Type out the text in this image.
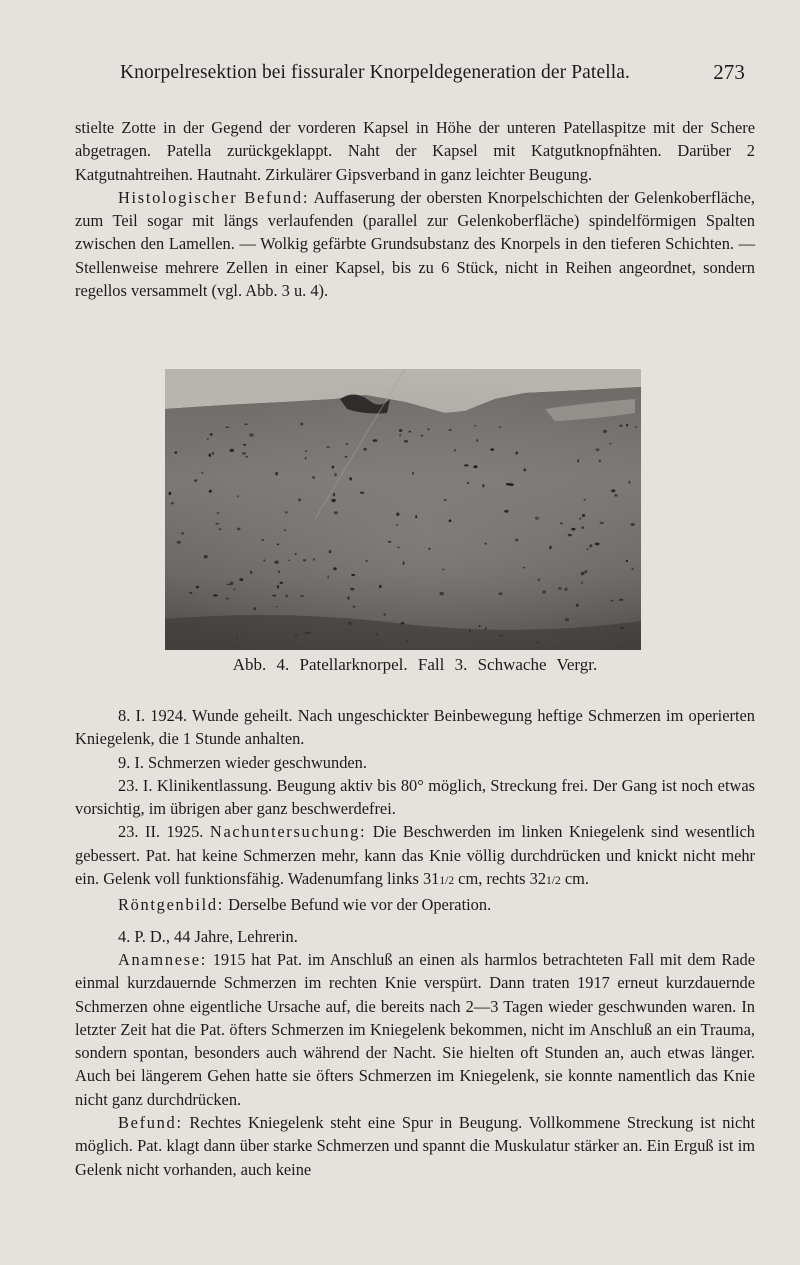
Knorpelresektion bei fissuraler Knorpeldegeneration der Patella.	273

stielte Zotte in der Gegend der vorderen Kapsel in Höhe der unteren Patellaspitze mit der Schere abgetragen. Patella zurückgeklappt. Naht der Kapsel mit Katgutknopfnähten. Darüber 2 Katgutnahtreihen. Hautnaht. Zirkulärer Gipsverband in ganz leichter Beugung.

Histologischer Befund: Auffaserung der obersten Knorpelschichten der Gelenkoberfläche, zum Teil sogar mit längs verlaufenden (parallel zur Gelenkoberfläche) spindelförmigen Spalten zwischen den Lamellen. — Wolkig gefärbte Grundsubstanz des Knorpels in den tieferen Schichten. — Stellenweise mehrere Zellen in einer Kapsel, bis zu 6 Stück, nicht in Reihen angeordnet, sondern regellos versammelt (vgl. Abb. 3 u. 4).

Abb. 4. Patellarknorpel. Fall 3. Schwache Vergr.

8. I. 1924. Wunde geheilt. Nach ungeschickter Beinbewegung heftige Schmerzen im operierten Kniegelenk, die 1 Stunde anhalten.

9. I. Schmerzen wieder geschwunden.

23. I. Klinikentlassung. Beugung aktiv bis 80° möglich, Streckung frei. Der Gang ist noch etwas vorsichtig, im übrigen aber ganz beschwerdefrei.

23. II. 1925. Nachuntersuchung: Die Beschwerden im linken Kniegelenk sind wesentlich gebessert. Pat. hat keine Schmerzen mehr, kann das Knie völlig durchdrücken und knickt nicht mehr ein. Gelenk voll funktionsfähig. Wadenumfang links 311/2 cm, rechts 321/2 cm.

Röntgenbild: Derselbe Befund wie vor der Operation.

4. P. D., 44 Jahre, Lehrerin.

Anamnese: 1915 hat Pat. im Anschluß an einen als harmlos betrachteten Fall mit dem Rade einmal kurzdauernde Schmerzen im rechten Knie verspürt. Dann traten 1917 erneut kurzdauernde Schmerzen ohne eigentliche Ursache auf, die bereits nach 2—3 Tagen wieder geschwunden waren. In letzter Zeit hat die Pat. öfters Schmerzen im Kniegelenk bekommen, nicht im Anschluß an ein Trauma, sondern spontan, besonders auch während der Nacht. Sie hielten oft Stunden an, auch etwas länger. Auch bei längerem Gehen hatte sie öfters Schmerzen im Kniegelenk, sie konnte namentlich das Knie nicht ganz durchdrücken.

Befund: Rechtes Kniegelenk steht eine Spur in Beugung. Vollkommene Streckung ist nicht möglich. Pat. klagt dann über starke Schmerzen und spannt die Muskulatur stärker an. Ein Erguß ist im Gelenk nicht vorhanden, auch keine
